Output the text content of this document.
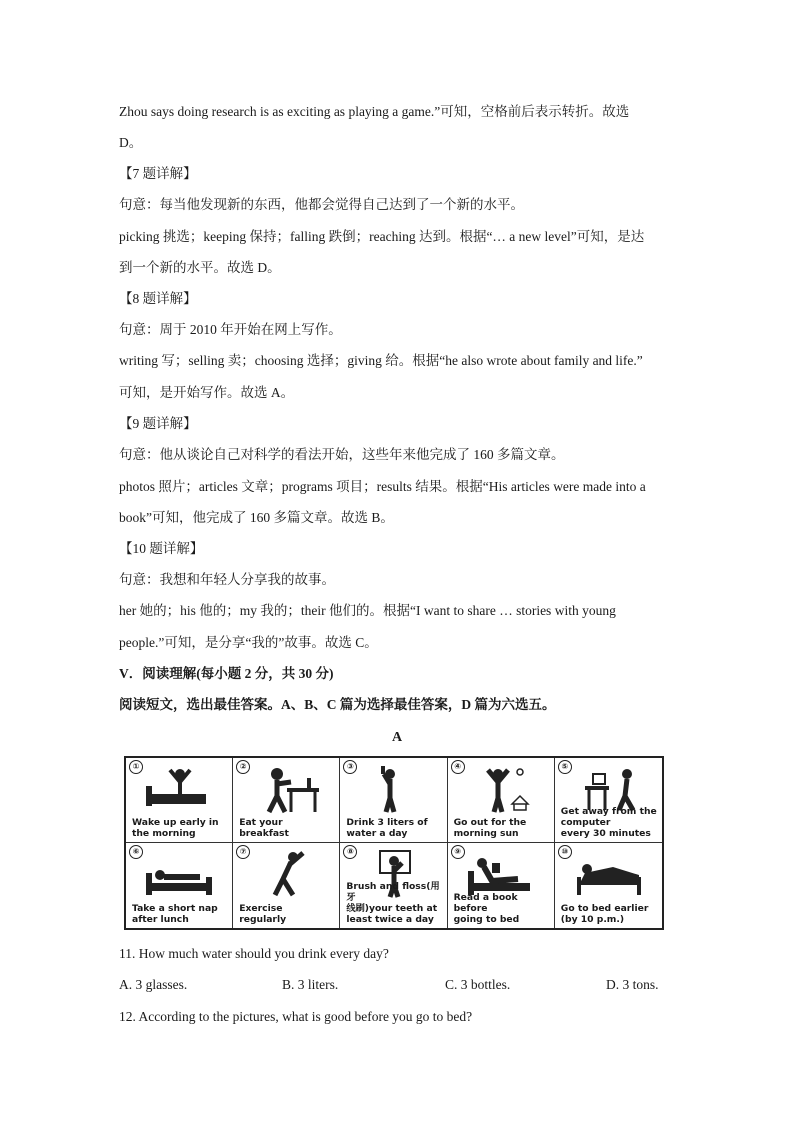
Zhou says doing research is as exciting as playing a game.”可知，空格前后表示转折。故选
D。
【7 题详解】
句意：每当他发现新的东西，他都会觉得自己达到了一个新的水平。
picking 挑选；keeping 保持；falling 跌倒；reaching 达到。根据“… a new level”可知，是达
到一个新的水平。故选 D。
【8 题详解】
句意：周于 2010 年开始在网上写作。
writing 写；selling 卖；choosing 选择；giving 给。根据“he also wrote about family and life.”
可知，是开始写作。故选 A。
【9 题详解】
句意：他从谈论自己对科学的看法开始，这些年来他完成了 160 多篇文章。
photos 照片；articles 文章；programs 项目；results 结果。根据“His articles were made into a
book”可知，他完成了 160 多篇文章。故选 B。
【10 题详解】
句意：我想和年轻人分享我的故事。
her 她的；his 他的；my 我的；their 他们的。根据“I want to share … stories with young
people.”可知，是分享“我的”故事。故选 C。
V．阅读理解(每小题 2 分，共 30 分)
阅读短文，选出最佳答案。A、B、C 篇为选择最佳答案，D 篇为六选五。
A
①
Wake up early in
the morning
②
Eat your
breakfast
③
Drink 3 liters of
water a day
④
Go out for the
morning sun
⑤
Get away from the computer
every 30 minutes
⑥
Take a short nap
after lunch
⑦
Exercise
regularly
⑧
Brush and floss(用牙
线刷)your teeth at
least twice a day
⑨
Read a book before
going to bed
⑩
Go to bed earlier
(by 10 p.m.)
11. How much water should you drink every day?
A. 3 glasses.	B. 3 liters.	C. 3 bottles.	D. 3 tons.
12. According to the pictures, what is good before you go to bed?
